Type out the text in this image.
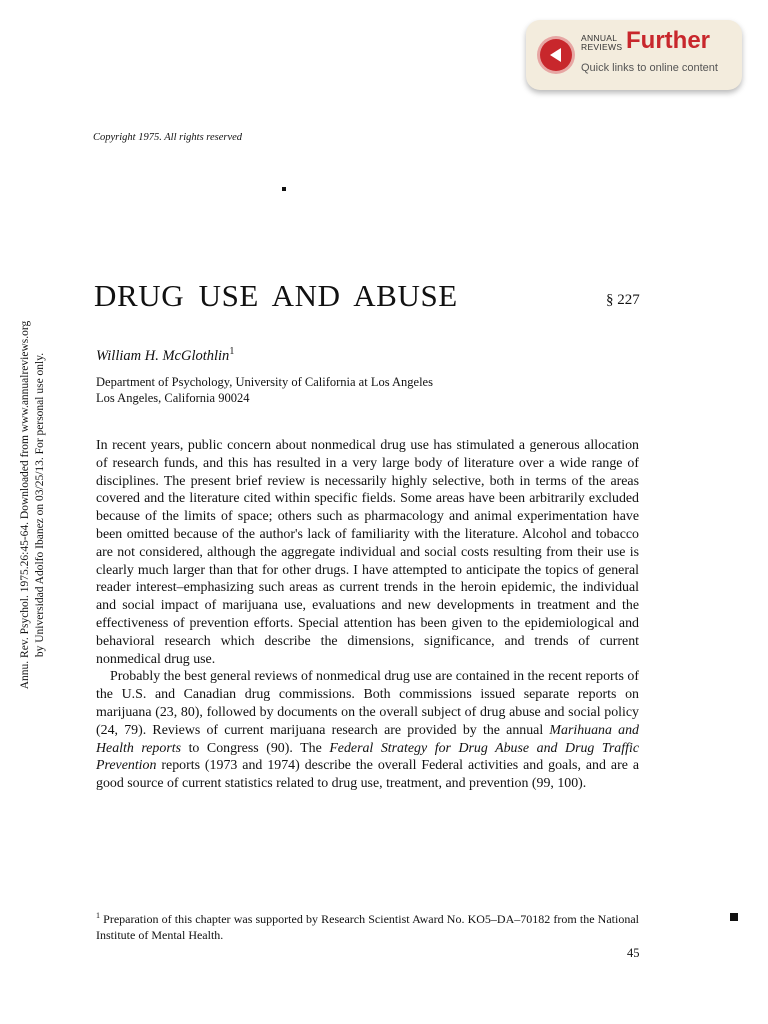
ANNUAL
REVIEWS Further
Quick links to online content
Copyright 1975. All rights reserved
Annu. Rev. Psychol. 1975.26:45-64. Downloaded from www.annualreviews.org by Universidad Adolfo Ibanez on 03/25/13. For personal use only.
DRUG USE AND ABUSE	§ 227
William H. McGlothlin$^1$
Department of Psychology, University of California at Los Angeles
Los Angeles, California 90024

In recent years, public concern about nonmedical drug use has stimulated a generous allocation of research funds, and this has resulted in a very large body of literature over a wide range of disciplines. The present brief review is necessarily highly selective, both in terms of the areas covered and the literature cited within specific fields. Some areas have been arbitrarily excluded because of the limits of space; others such as pharmacology and animal experimentation have been omitted because of the author's lack of familiarity with the literature. Alcohol and tobacco are not considered, although the aggregate individual and social costs resulting from their use is clearly much larger than that for other drugs. I have attempted to anticipate the topics of general reader interest–emphasizing such areas as current trends in the heroin epidemic, the individual and social impact of marijuana use, evaluations and new developments in treatment and the effectiveness of prevention efforts. Special attention has been given to the epidemiological and behavioral research which describe the dimensions, significance, and trends of current nonmedical drug use.

Probably the best general reviews of nonmedical drug use are contained in the recent reports of the U.S. and Canadian drug commissions. Both commissions issued separate reports on marijuana (23, 80), followed by documents on the overall subject of drug abuse and social policy (24, 79). Reviews of current marijuana research are provided by the annual Marihuana and Health reports to Congress (90). The Federal Strategy for Drug Abuse and Drug Traffic Prevention reports (1973 and 1974) describe the overall Federal activities and goals, and are a good source of current statistics related to drug use, treatment, and prevention (99, 100).

$^1$ Preparation of this chapter was supported by Research Scientist Award No. KO5–DA–70182 from the National Institute of Mental Health.
45
